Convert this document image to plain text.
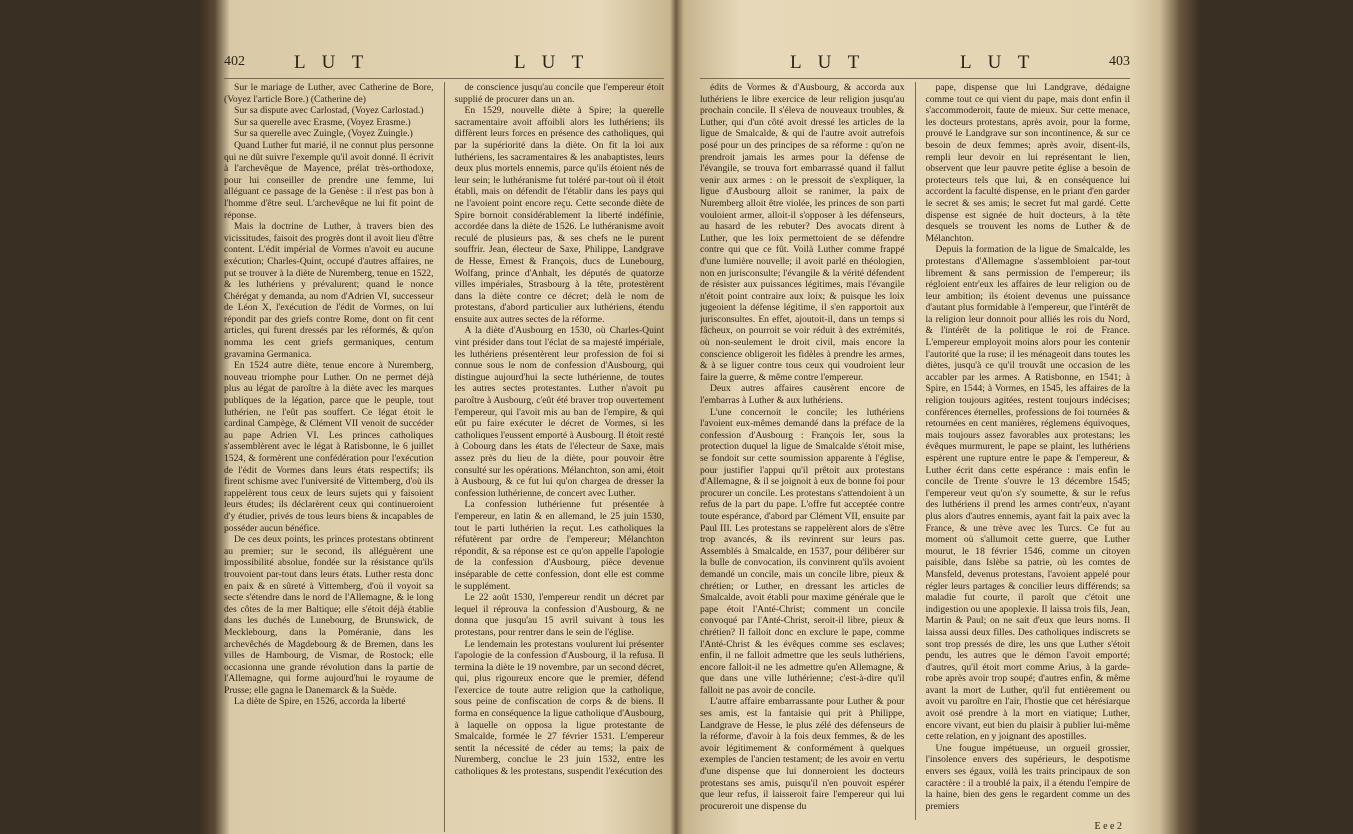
402	L U T	L U T

Sur le mariage de Luther, avec Catherine de Bore, (Voyez l'article Bore.) (Catherine de)

Sur sa dispute avec Carlostad, (Voyez Carlostad.)

Sur sa querelle avec Erasme, (Voyez Erasme.)

Sur sa querelle avec Zuingle, (Voyez Zuingle.)

Quand Luther fut marié, il ne connut plus personne qui ne dût suivre l'exemple qu'il avoit donné. Il écrivit à l'archevêque de Mayence, prélat très-orthodoxe, pour lui conseiller de prendre une femme, lui alléguant ce passage de la Genèse : il n'est pas bon à l'homme d'être seul. L'archevêque ne lui fit point de réponse.

Mais la doctrine de Luther, à travers bien des vicissitudes, faisoit des progrès dont il avoit lieu d'être content. L'édit impérial de Vormes n'avoit eu aucune exécution; Charles-Quint, occupé d'autres affaires, ne put se trouver à la diète de Nuremberg, tenue en 1522, & les luthériens y prévalurent; quand le nonce Chérégat y demanda, au nom d'Adrien VI, successeur de Léon X, l'exécution de l'édit de Vormes, on lui répondit par des griefs contre Rome, dont on fit cent articles, qui furent dressés par les réformés, & qu'on nomma les cent griefs germaniques, centum gravamina Germanica.

En 1524 autre diète, tenue encore à Nuremberg, nouveau triomphe pour Luther. On ne permet déjà plus au légat de paroître à la diète avec les marques publiques de la légation, parce que le peuple, tout luthérien, ne l'eût pas souffert. Ce légat étoit le cardinal Campège, & Clément VII venoit de succéder au pape Adrien VI. Les princes catholiques s'assemblèrent avec le légat à Ratisbonne, le 6 juillet 1524, & formèrent une confédération pour l'exécution de l'édit de Vormes dans leurs états respectifs; ils firent schisme avec l'université de Vittemberg, d'où ils rappelèrent tous ceux de leurs sujets qui y faisoient leurs études; ils déclarèrent ceux qui continueroient d'y étudier, privés de tous leurs biens & incapables de posséder aucun bénéfice.

De ces deux points, les princes protestans obtinrent au premier; sur le second, ils alléguèrent une impossibilité absolue, fondée sur la résistance qu'ils trouvoient par-tout dans leurs états. Luther resta donc en paix & en sûreté à Vittemberg, d'où il voyoit sa secte s'étendre dans le nord de l'Allemagne, & le long des côtes de la mer Baltique; elle s'étoit déjà établie dans les duchés de Lunebourg, de Brunswick, de Mecklebourg, dans la Poméranie, dans les archevêchés de Magdebourg & de Bremen, dans les villes de Hambourg, de Vismar, de Rostock; elle occasionna une grande révolution dans la partie de l'Allemagne, qui forme aujourd'hui le royaume de Prusse; elle gagna le Danemarck & la Suède.

La diète de Spire, en 1526, accorda la liberté

de conscience jusqu'au concile que l'empereur étoit supplié de procurer dans un an.

En 1529, nouvelle diète à Spire; la querelle sacramentaire avoit affoibli alors les luthériens; ils diffèrent leurs forces en présence des catholiques, qui par la supériorité dans la diète. On fit la loi aux luthériens, les sacramentaires & les anabaptistes, leurs deux plus mortels ennemis, parce qu'ils étoient nés de leur sein; le luthéranisme fut toléré par-tout où il étoit établi, mais on défendit de l'établir dans les pays qui ne l'avoient point encore reçu. Cette seconde diète de Spire bornoit considérablement la liberté indéfinie, accordée dans la diète de 1526. Le luthéranisme avoit reculé de plusieurs pas, & ses chefs ne le purent souffrir. Jean, électeur de Saxe, Philippe, Landgrave de Hesse, Ernest & François, ducs de Lunebourg, Wolfang, prince d'Anhalt, les députés de quatorze villes impériales, Strasbourg à la tête, protestèrent dans la diète contre ce décret; delà le nom de protestans, d'abord particulier aux luthériens, étendu ensuite aux autres sectes de la réforme.

A la diète d'Ausbourg en 1530, où Charles-Quint vint présider dans tout l'éclat de sa majesté impériale, les luthériens présentèrent leur profession de foi si connue sous le nom de confession d'Ausbourg, qui distingue aujourd'hui la secte luthérienne, de toutes les autres sectes protestantes. Luther n'avoit pu paroître à Ausbourg, c'eût été braver trop ouvertement l'empereur, qui l'avoit mis au ban de l'empire, & qui eût pu faire exécuter le décret de Vormes, si les catholiques l'eussent emporté à Ausbourg. Il étoit resté à Cobourg dans les états de l'électeur de Saxe, mais assez près du lieu de la diète, pour pouvoir être consulté sur les opérations. Mélanchton, son ami, étoit à Ausbourg, & ce fut lui qu'on chargea de dresser la confession luthérienne, de concert avec Luther.

La confession luthérienne fut présentée à l'empereur, en latin & en allemand, le 25 juin 1530, tout le parti luthérien la reçut. Les catholiques la réfutèrent par ordre de l'empereur; Mélanchton répondit, & sa réponse est ce qu'on appelle l'apologie de la confession d'Ausbourg, pièce devenue inséparable de cette confession, dont elle est comme le supplément.

Le 22 août 1530, l'empereur rendit un décret par lequel il réprouva la confession d'Ausbourg, & ne donna que jusqu'au 15 avril suivant à tous les protestans, pour rentrer dans le sein de l'église.

Le lendemain les protestans voulurent lui présenter l'apologie de la confession d'Ausbourg, il la refusa. Il termina la diète le 19 novembre, par un second décret, qui, plus rigoureux encore que le premier, défend l'exercice de toute autre religion que la catholique, sous peine de confiscation de corps & de biens. Il forma en conséquence la ligue catholique d'Ausbourg, à laquelle on opposa la ligue protestante de Smalcalde, formée le 27 février 1531. L'empereur sentit la nécessité de céder au tems; la paix de Nuremberg, conclue le 23 juin 1532, entre les catholiques & les protestans, suspendit l'exécution des

L U T	L U T	403

édits de Vormes & d'Ausbourg, & accorda aux luthériens le libre exercice de leur religion jusqu'au prochain concile. Il s'éleva de nouveaux troubles, & Luther, qui d'un côté avoit dressé les articles de la ligue de Smalcalde, & qui de l'autre avoit autrefois posé pour un des principes de sa réforme : qu'on ne prendroit jamais les armes pour la défense de l'évangile, se trouva fort embarrassé quand il fallut venir aux armes : on le pressoit de s'expliquer, la ligue d'Ausbourg alloit se ranimer, la paix de Nuremberg alloit être violée, les princes de son parti vouloient armer, alloit-il s'opposer à les défenseurs, au hasard de les rebuter? Des avocats dirent à Luther, que les loix permettoient de se défendre contre qui que ce fût. Voilà Luther comme frappé d'une lumière nouvelle; il avoit parlé en théologien, non en jurisconsulte; l'évangile & la vérité défendent de résister aux puissances légitimes, mais l'évangile n'étoit point contraire aux loix; & puisque les loix jugeoient la défense légitime, il s'en rapportoit aux jurisconsultes. En effet, ajoutoit-il, dans un temps si fâcheux, on pourroit se voir réduit à des extrémités, où non-seulement le droit civil, mais encore la conscience obligeroit les fidèles à prendre les armes, & à se liguer contre tous ceux qui voudroient leur faire la guerre, & même contre l'empereur.

Deux autres affaires causèrent encore de l'embarras à Luther & aux luthériens.

L'une concernoit le concile; les luthériens l'avoient eux-mêmes demandé dans la préface de la confession d'Ausbourg : François Ier, sous la protection duquel la ligue de Smalcalde s'étoit mise, se fondoit sur cette soumission apparente à l'église, pour justifier l'appui qu'il prêtoit aux protestans d'Allemagne, & il se joignoit à eux de bonne foi pour procurer un concile. Les protestans s'attendoient à un refus de la part du pape. L'offre fut acceptée contre toute espérance, d'abord par Clément VII, ensuite par Paul III. Les protestans se rappelèrent alors de s'être trop avancés, & ils revinrent sur leurs pas. Assemblés à Smalcalde, en 1537, pour délibérer sur la bulle de convocation, ils convinrent qu'ils avoient demandé un concile, mais un concile libre, pieux & chrétien; or Luther, en dressant les articles de Smalcalde, avoit établi pour maxime générale que le pape étoit l'Anté-Christ; comment un concile convoqué par l'Anté-Christ, seroit-il libre, pieux & chrétien? Il falloit donc en exclure le pape, comme l'Anté-Christ & les évêques comme ses esclaves; enfin, il ne falloit admettre que les seuls luthériens, encore falloit-il ne les admettre qu'en Allemagne, & que dans une ville luthérienne; c'est-à-dire qu'il falloit ne pas avoir de concile.

L'autre affaire embarrassante pour Luther & pour ses amis, est la fantaisie qui prit à Philippe, Landgrave de Hesse, le plus zélé des défenseurs de la réforme, d'avoir à la fois deux femmes, & de les avoir légitimement & conformément à quelques exemples de l'ancien testament; de les avoir en vertu d'une dispense que lui donneroient les docteurs protestans ses amis, puisqu'il n'en pouvoit espérer que leur refus, il laisseroit faire l'empereur qui lui procureroit une dispense du

pape, dispense que lui Landgrave, dédaigne comme tout ce qui vient du pape, mais dont enfin il s'accommoderoit, faute de mieux. Sur cette menace, les docteurs protestans, après avoir, pour la forme, prouvé le Landgrave sur son incontinence, & sur ce besoin de deux femmes; après avoir, disent-ils, rempli leur devoir en lui représentant le lien, observent que leur pauvre petite église a besoin de protecteurs tels que lui, & en conséquence lui accordent la faculté dispense, en le priant d'en garder le secret & ses amis; le secret fut mal gardé. Cette dispense est signée de huit docteurs, à la tête desquels se trouvent les noms de Luther & de Mélanchton.

Depuis la formation de la ligue de Smalcalde, les protestans d'Allemagne s'assembloient par-tout librement & sans permission de l'empereur; ils régloient entr'eux les affaires de leur religion ou de leur ambition; ils étoient devenus une puissance d'autant plus formidable à l'empereur, que l'intérêt de la religion leur donnoit pour alliés les rois du Nord, & l'intérêt de la politique le roi de France. L'empereur employoit moins alors pour les contenir l'autorité que la ruse; il les ménageoit dans toutes les diètes, jusqu'à ce qu'il trouvât une occasion de les accabler par les armes. A Ratisbonne, en 1541; à Spire, en 1544; à Vormes, en 1545, les affaires de la religion toujours agitées, restent toujours indécises; conférences éternelles, professions de foi tournées & retournées en cent manières, réglemens équivoques, mais toujours assez favorables aux protestans; les évêques murmurent, le pape se plaint, les luthériens espèrent une rupture entre le pape & l'empereur, & Luther écrit dans cette espérance : mais enfin le concile de Trente s'ouvre le 13 décembre 1545; l'empereur veut qu'on s'y soumette, & sur le refus des luthériens il prend les armes contr'eux, n'ayant plus alors d'autres ennemis, ayant fait la paix avec la France, & une trève avec les Turcs. Ce fut au moment où s'allumoit cette guerre, que Luther mourut, le 18 février 1546, comme un citoyen paisible, dans Islèbe sa patrie, où les comtes de Mansfeld, devenus protestans, l'avoient appelé pour régler leurs partages & concilier leurs différends; sa maladie fut courte, il paroît que c'étoit une indigestion ou une apoplexie. Il laissa trois fils, Jean, Martin & Paul; on ne sait d'eux que leurs noms. Il laissa aussi deux filles. Des catholiques indiscrets se sont trop pressés de dire, les uns que Luther s'étoit pendu, les autres que le démon l'avoit emporté; d'autres, qu'il étoit mort comme Arius, à la garde-robe après avoir trop soupé; d'autres enfin, & même avant la mort de Luther, qu'il fut entièrement ou avoit vu paroître en l'air, l'hostie que cet hérésiarque avoit osé prendre à la mort en viatique; Luther, encore vivant, eut bien du plaisir à publier lui-même cette relation, en y joignant des apostilles.

Une fougue impétueuse, un orgueil grossier, l'insolence envers des supérieurs, le despotisme envers ses égaux, voilà les traits principaux de son caractère : il a troublé la paix, il a étendu l'empire de la haine, bien des gens le regardent comme un des premiers

E e e 2
